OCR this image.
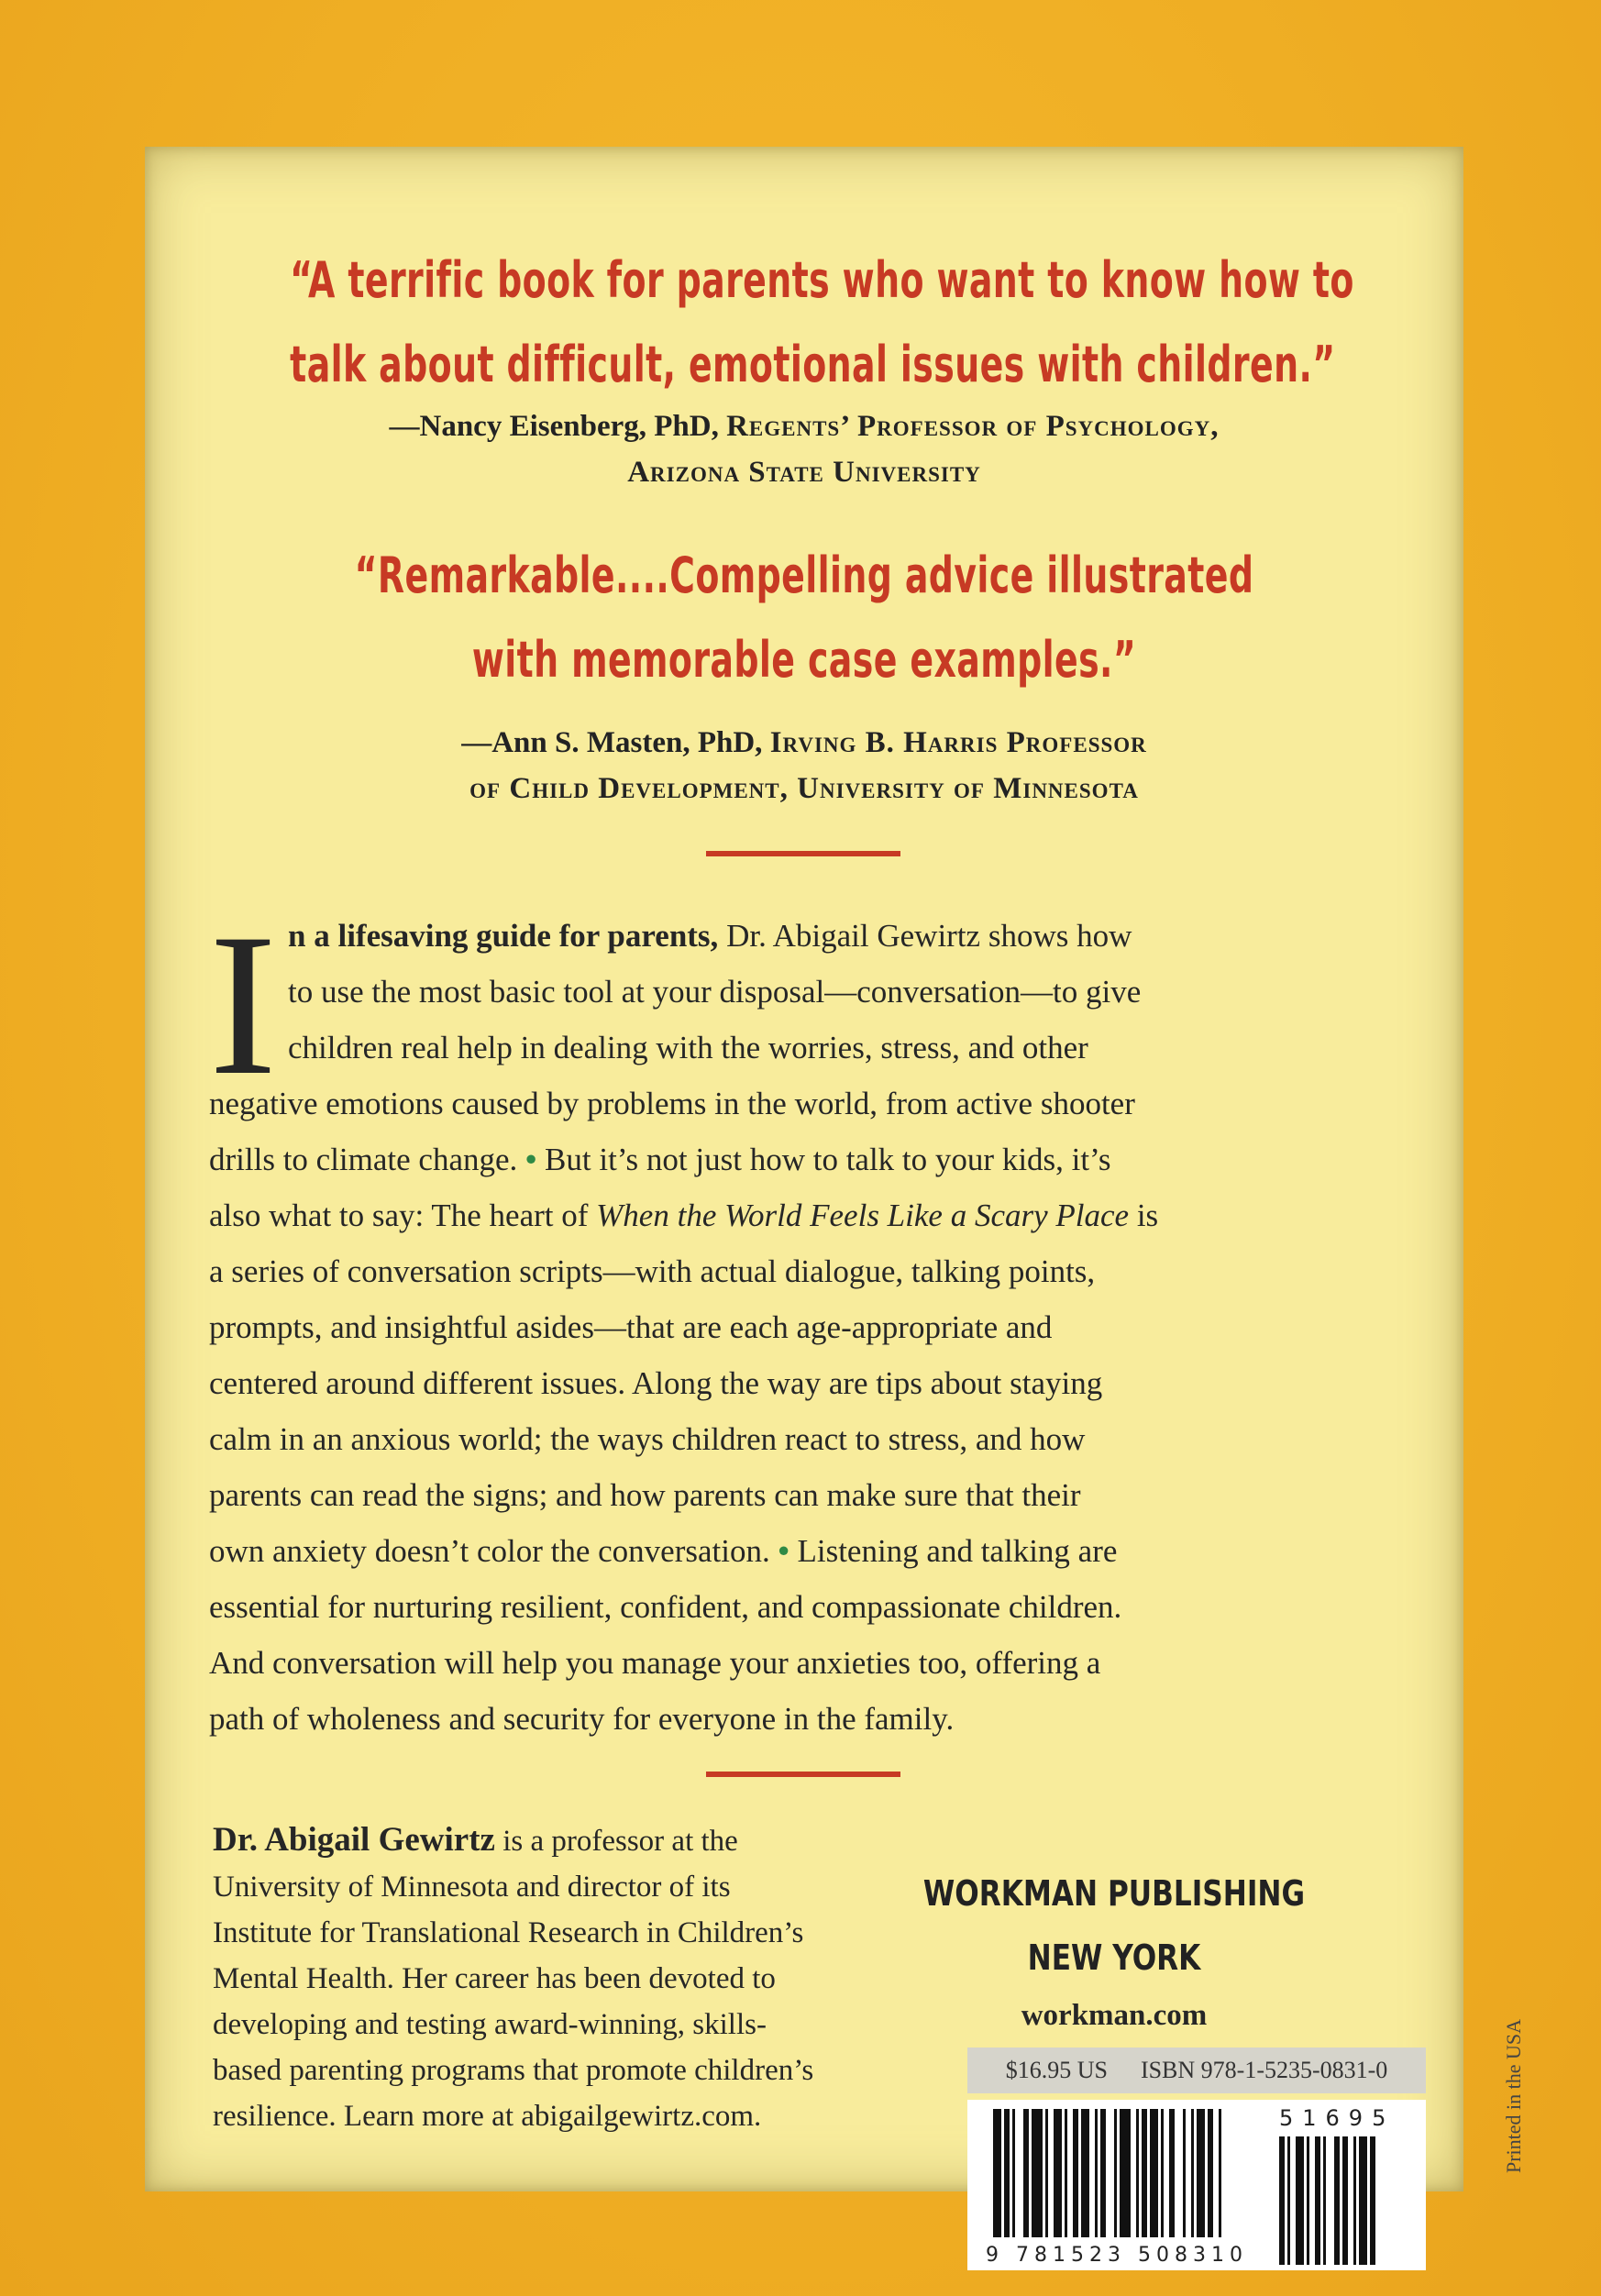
“A terrific book for parents who want to know how to
talk about difficult, emotional issues with children.”
—Nancy Eisenberg, PhD, Regents’ Professor of Psychology,
Arizona State University
“Remarkable....Compelling advice illustrated
with memorable case examples.”
—Ann S. Masten, PhD, Irving B. Harris Professor
of Child Development, University of Minnesota
I n a lifesaving guide for parents, Dr. Abigail Gewirtz shows how
to use the most basic tool at your disposal—conversation—to give
children real help in dealing with the worries, stress, and other
negative emotions caused by problems in the world, from active shooter
drills to climate change. • But it’s not just how to talk to your kids, it’s
also what to say: The heart of When the World Feels Like a Scary Place is
a series of conversation scripts—with actual dialogue, talking points,
prompts, and insightful asides—that are each age-appropriate and
centered around different issues. Along the way are tips about staying
calm in an anxious world; the ways children react to stress, and how
parents can read the signs; and how parents can make sure that their
own anxiety doesn’t color the conversation. • Listening and talking are
essential for nurturing resilient, confident, and compassionate children.
And conversation will help you manage your anxieties too, offering a
path of wholeness and security for everyone in the family.
Dr. Abigail Gewirtz is a professor at the
University of Minnesota and director of its
Institute for Translational Research in Children’s
Mental Health. Her career has been devoted to
developing and testing award-winning, skills-
based parenting programs that promote children’s
resilience. Learn more at abigailgewirtz.com.
WORKMAN PUBLISHING
NEW YORK
workman.com
$16.95 US ISBN 978-1-5235-0831-0
9 781523 508310
51695	Printed in the USA
